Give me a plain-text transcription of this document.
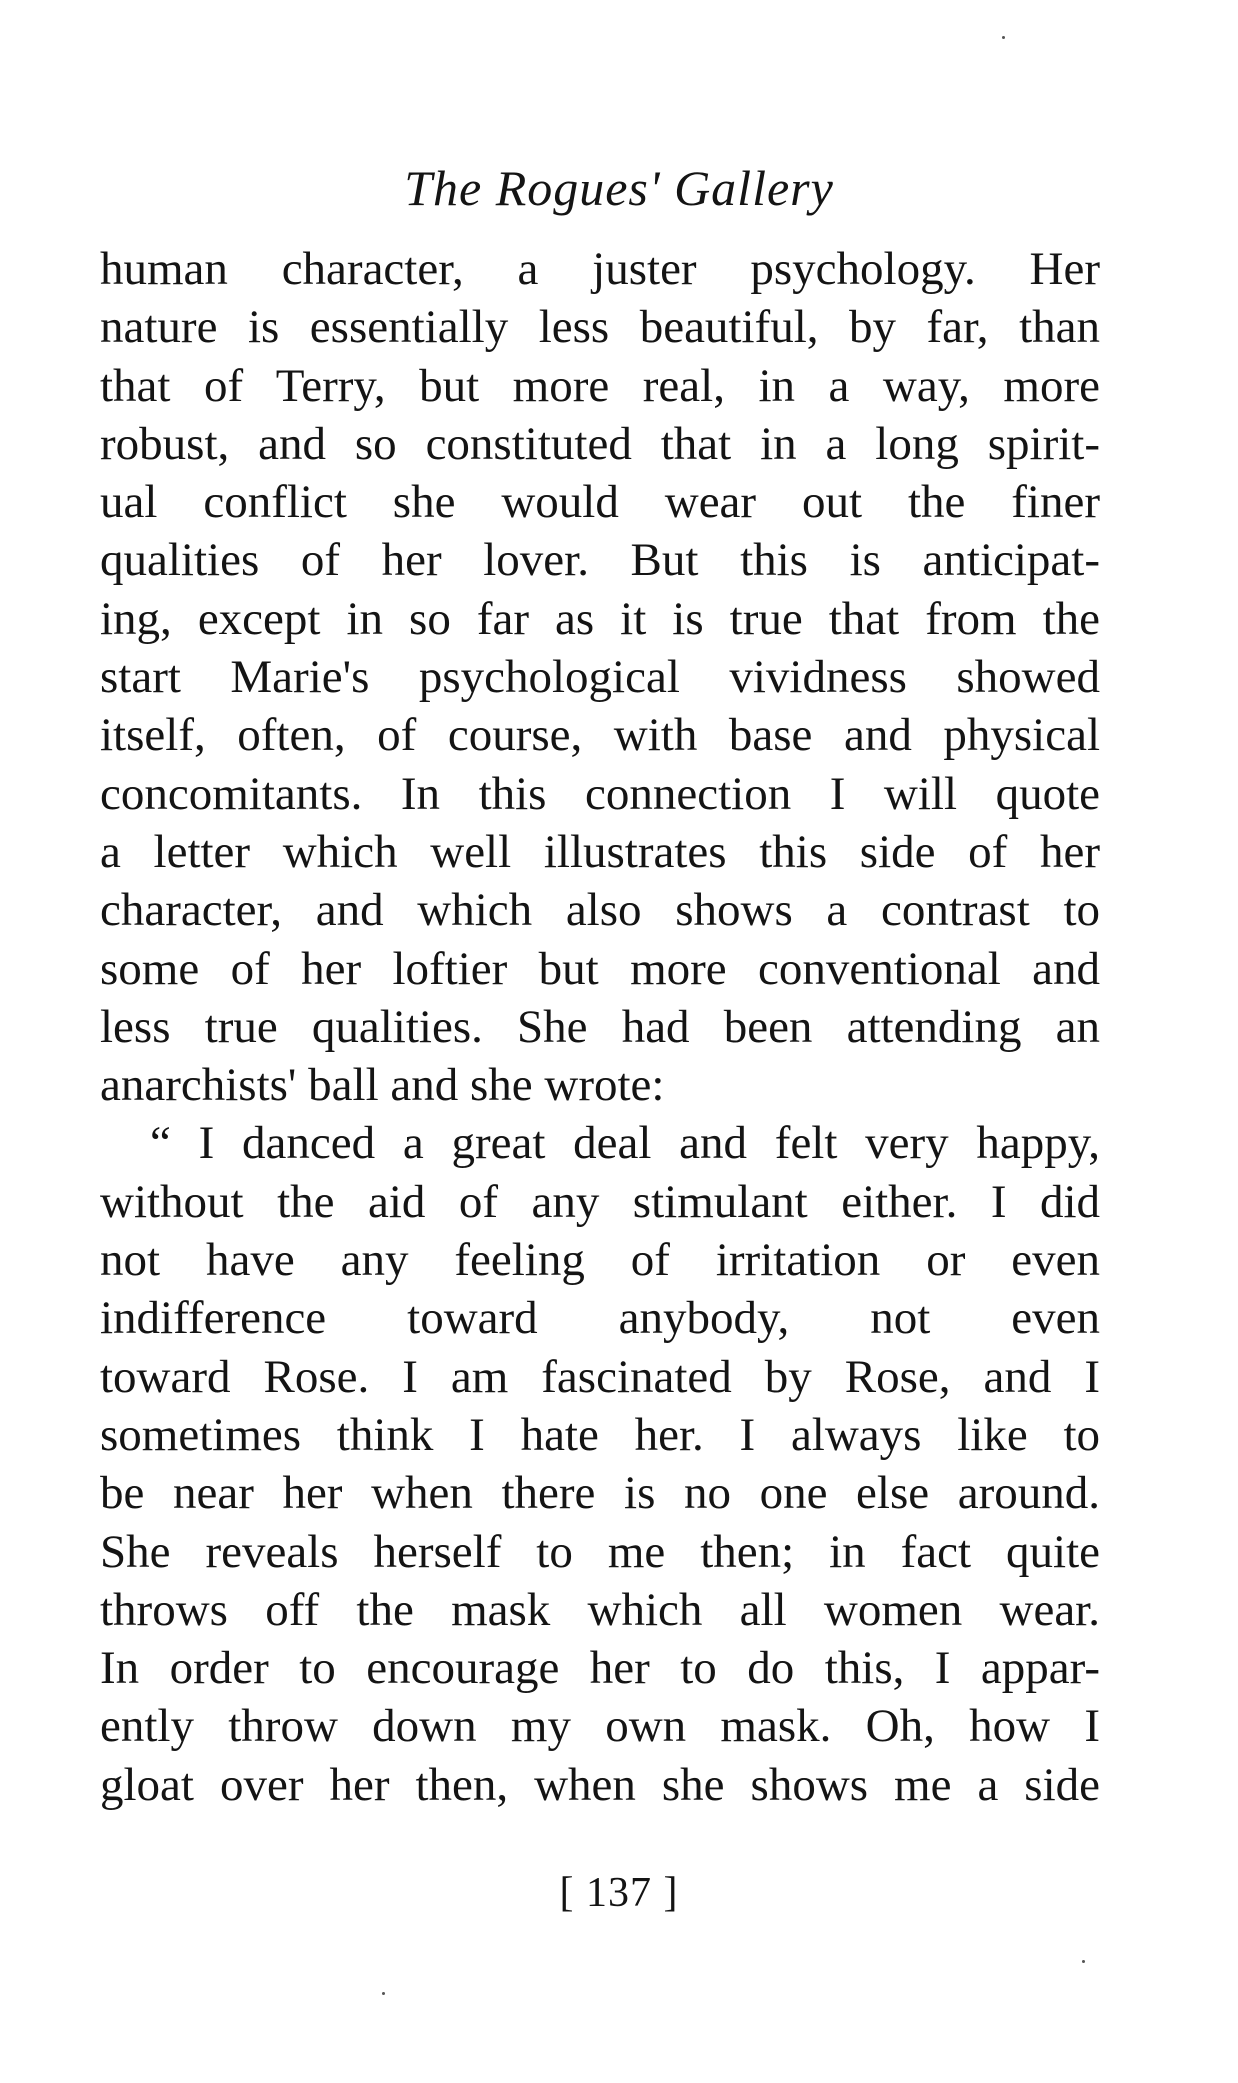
The Rogues' Gallery
human character, a juster psychology. Her
nature is essentially less beautiful, by far, than
that of Terry, but more real, in a way, more
robust, and so constituted that in a long spirit-
ual conflict she would wear out the finer
qualities of her lover. But this is anticipat-
ing, except in so far as it is true that from the
start Marie's psychological vividness showed
itself, often, of course, with base and physical
concomitants. In this connection I will quote
a letter which well illustrates this side of her
character, and which also shows a contrast to
some of her loftier but more conventional and
less true qualities. She had been attending an
anarchists' ball and she wrote:
“ I danced a great deal and felt very happy,
without the aid of any stimulant either. I did
not have any feeling of irritation or even
indifference toward anybody, not even
toward Rose. I am fascinated by Rose, and I
sometimes think I hate her. I always like to
be near her when there is no one else around.
She reveals herself to me then; in fact quite
throws off the mask which all women wear.
In order to encourage her to do this, I appar-
ently throw down my own mask. Oh, how I
gloat over her then, when she shows me a side
[ 137 ]
